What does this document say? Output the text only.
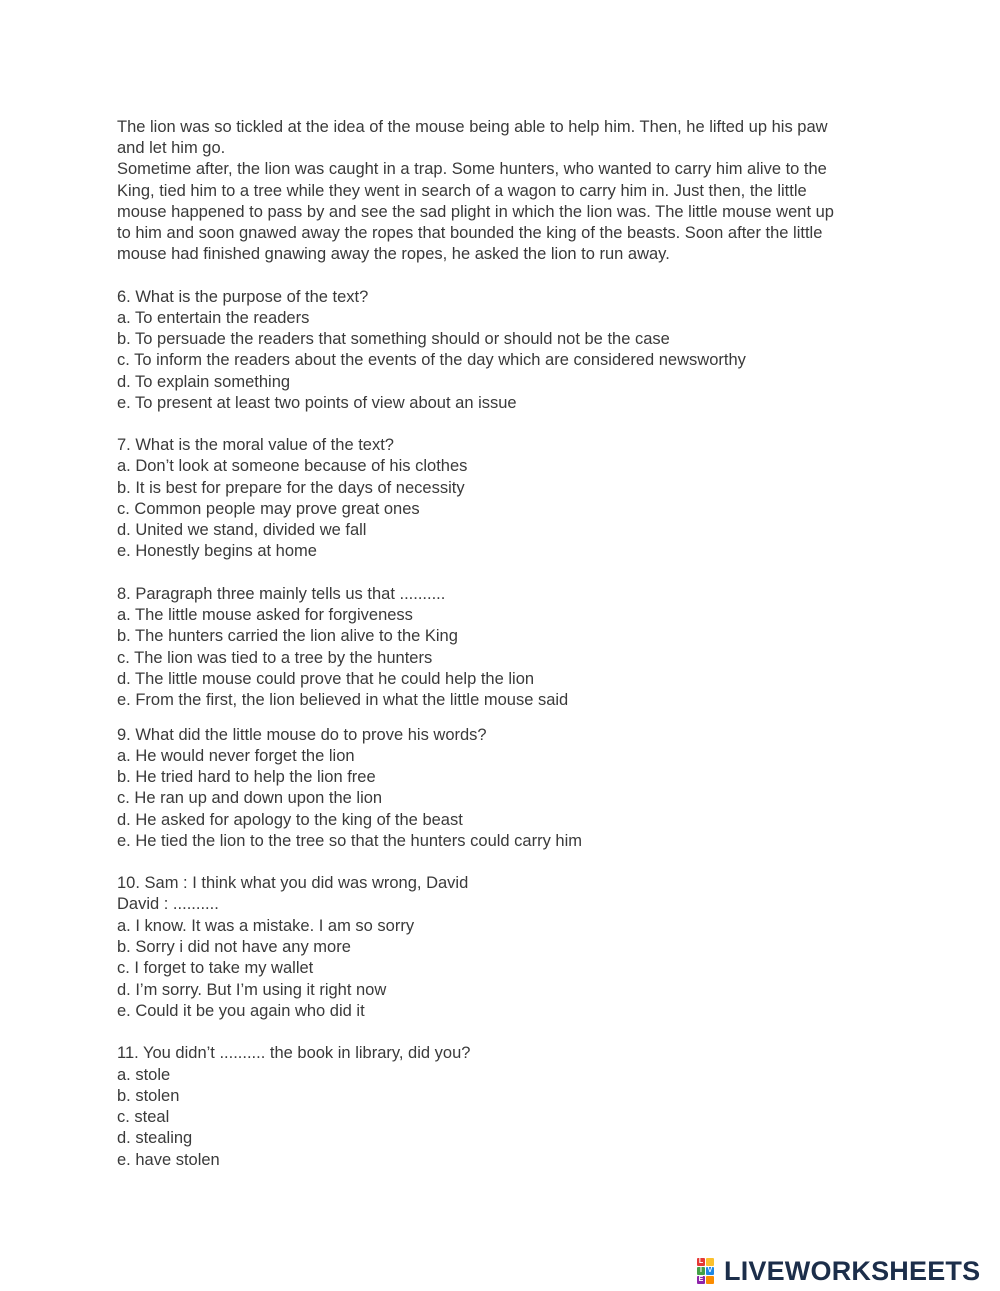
The lion was so tickled at the idea of the mouse being able to help him. Then, he lifted up his paw
and let him go.
Sometime after, the lion was caught in a trap. Some hunters, who wanted to carry him alive to the
King, tied him to a tree while they went in search of a wagon to carry him in. Just then, the little
mouse happened to pass by and see the sad plight in which the lion was. The little mouse went up
to him and soon gnawed away the ropes that bounded the king of the beasts. Soon after the little
mouse had finished gnawing away the ropes, he asked the lion to run away.
6. What is the purpose of the text?
a. To entertain the readers
b. To persuade the readers that something should or should not be the case
c. To inform the readers about the events of the day which are considered newsworthy
d. To explain something
e. To present at least two points of view about an issue
7. What is the moral value of the text?
a. Don’t look at someone because of his clothes
b. It is best for prepare for the days of necessity
c. Common people may prove great ones
d. United we stand, divided we fall
e. Honestly begins at home
8. Paragraph three mainly tells us that ..........
a. The little mouse asked for forgiveness
b. The hunters carried the lion alive to the King
c. The lion was tied to a tree by the hunters
d. The little mouse could prove that he could help the lion
e. From the first, the lion believed in what the little mouse said
9. What did the little mouse do to prove his words?
a. He would never forget the lion
b. He tried hard to help the lion free
c. He ran up and down upon the lion
d. He asked for apology to the king of the beast
e. He tied the lion to the tree so that the hunters could carry him
10. Sam : I think what you did was wrong, David
David : ..........
a. I know. It was a mistake. I am so sorry
b. Sorry i did not have any more
c. I forget to take my wallet
d. I’m sorry. But I’m using it right now
e. Could it be you again who did it
11. You didn’t .......... the book in library, did you?
a. stole
b. stolen
c. steal
d. stealing
e. have stolen
L
I V
E LIVEWORKSHEETS
